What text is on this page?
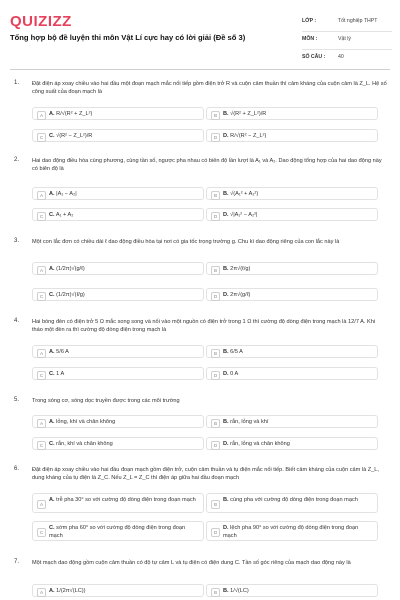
QUIZIZZ
Tổng hợp bộ đề luyện thi môn Vật Lí cực hay có lời giải (Đề số 3)
LỚP :	Tốt nghiệp THPT
MÔN :	Vật lý
SỐ CÂU : 40
1. Đặt điện áp xoay chiều vào hai đầu một đoạn mạch mắc nối tiếp gồm điện trở R và cuộn cảm thuần thì cảm kháng của cuộn cảm là Z_L. Hệ số công suất của đoạn mạch là
A	A. R/√(R² + Z_L²)	B	B. √(R² + Z_L²)/R
C	C. √(R² − Z_L²)/R	D	D. R/√(R² − Z_L²)
2. Hai dao động điều hòa cùng phương, cùng tần số, ngược pha nhau có biên độ lần lượt là A₁ và A₂. Dao động tổng hợp của hai dao động này có biên độ là
A	A. |A₁ − A₂|	B	B. √(A₁² + A₂²)
C	C. A₁ + A₂	D	D. √|A₁² − A₂²|
3. Một con lắc đơn có chiều dài ℓ dao động điều hòa tại nơi có gia tốc trọng trường g. Chu kì dao động riêng của con lắc này là
A	A. (1/2π)√(g/ℓ)	B	B. 2π√(ℓ/g)
C	C. (1/2π)√(ℓ/g)	D	D. 2π√(g/ℓ)
4. Hai bóng đèn có điện trở 5 Ω mắc song song và nối vào một nguồn có điện trở trong 1 Ω thì cường độ dòng điện trong mạch là 12/7 A. Khi tháo một đèn ra thì cường độ dòng điện trong mạch là
A	A. 5/6 A	B	B. 6/5 A
C	C. 1 A	D	D. 0 A
5. Trong sóng cơ, sóng dọc truyền được trong các môi trường
A	A. lỏng, khí và chân không	B	B. rắn, lỏng và khí
C	C. rắn, khí và chân không	D	D. rắn, lỏng và chân không
6. Đặt điện áp xoay chiều vào hai đầu đoạn mạch gồm điện trở, cuộn cảm thuần và tụ điện mắc nối tiếp. Biết cảm kháng của cuộn cảm là Z_L, dung kháng của tụ điện là Z_C. Nếu Z_L = Z_C thì điện áp giữa hai đầu đoạn mạch
A
A. trễ pha 30° so với cường độ dòng điện trong đoạn mạch
B
B. cùng pha với cường độ dòng điện trong đoạn mạch
C
C. sớm pha 60° so với cường độ dòng điện trong đoạn mạch
D
D. lệch pha 90° so với cường độ dòng điện trong đoạn mạch
7. Một mạch dao động gồm cuộn cảm thuần có độ tự cảm L và tụ điện có điện dung C. Tần số góc riêng của mạch dao động này là
A	A. 1/(2π√(LC))	B	B. 1/√(LC)
